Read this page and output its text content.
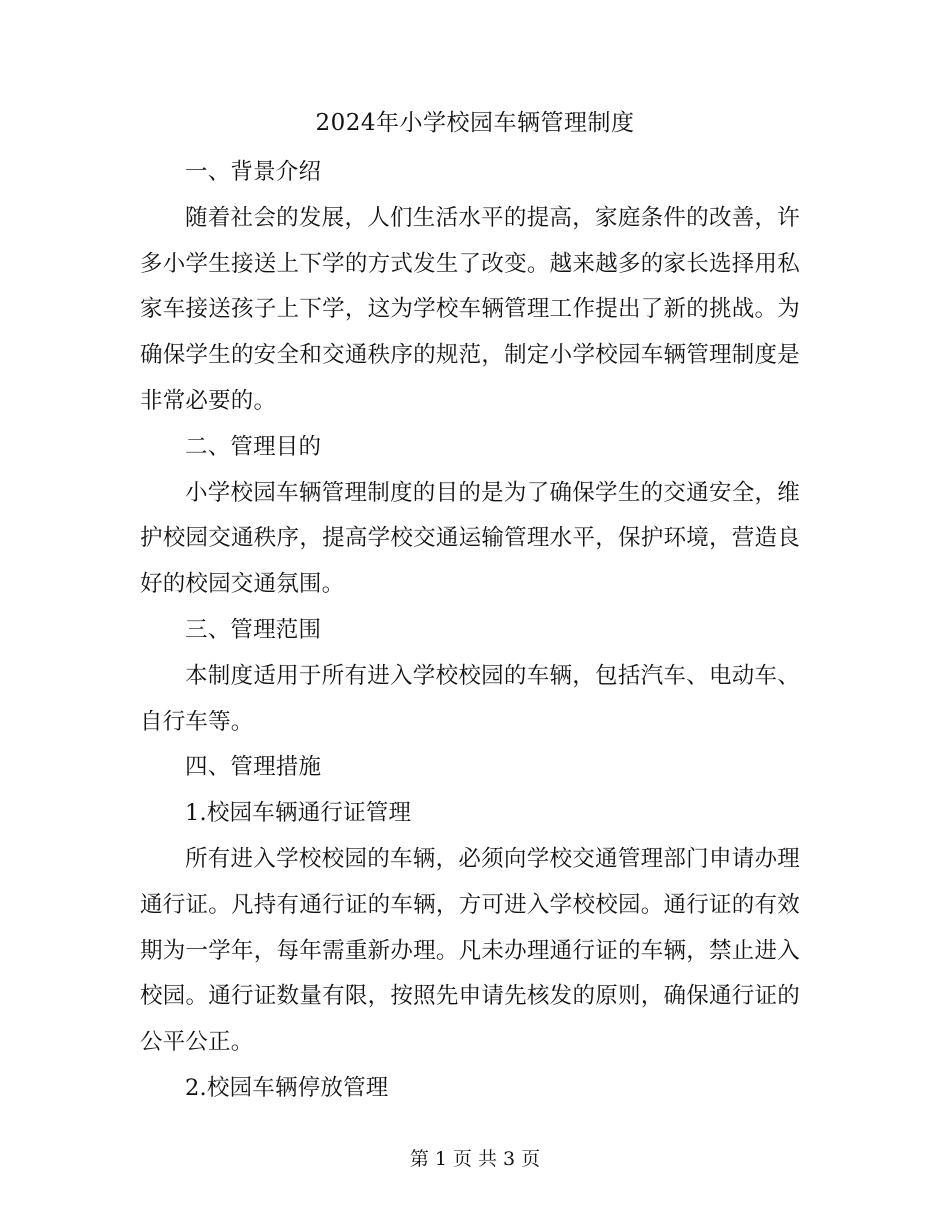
2024年小学校园车辆管理制度

一、背景介绍

随着社会的发展，人们生活水平的提高，家庭条件的改善，许多小学生接送上下学的方式发生了改变。越来越多的家长选择用私家车接送孩子上下学，这为学校车辆管理工作提出了新的挑战。为确保学生的安全和交通秩序的规范，制定小学校园车辆管理制度是非常必要的。

二、管理目的

小学校园车辆管理制度的目的是为了确保学生的交通安全，维护校园交通秩序，提高学校交通运输管理水平，保护环境，营造良好的校园交通氛围。

三、管理范围

本制度适用于所有进入学校校园的车辆，包括汽车、电动车、自行车等。

四、管理措施

1.校园车辆通行证管理

所有进入学校校园的车辆，必须向学校交通管理部门申请办理通行证。凡持有通行证的车辆，方可进入学校校园。通行证的有效期为一学年，每年需重新办理。凡未办理通行证的车辆，禁止进入校园。通行证数量有限，按照先申请先核发的原则，确保通行证的公平公正。

2.校园车辆停放管理

第 1 页 共 3 页
